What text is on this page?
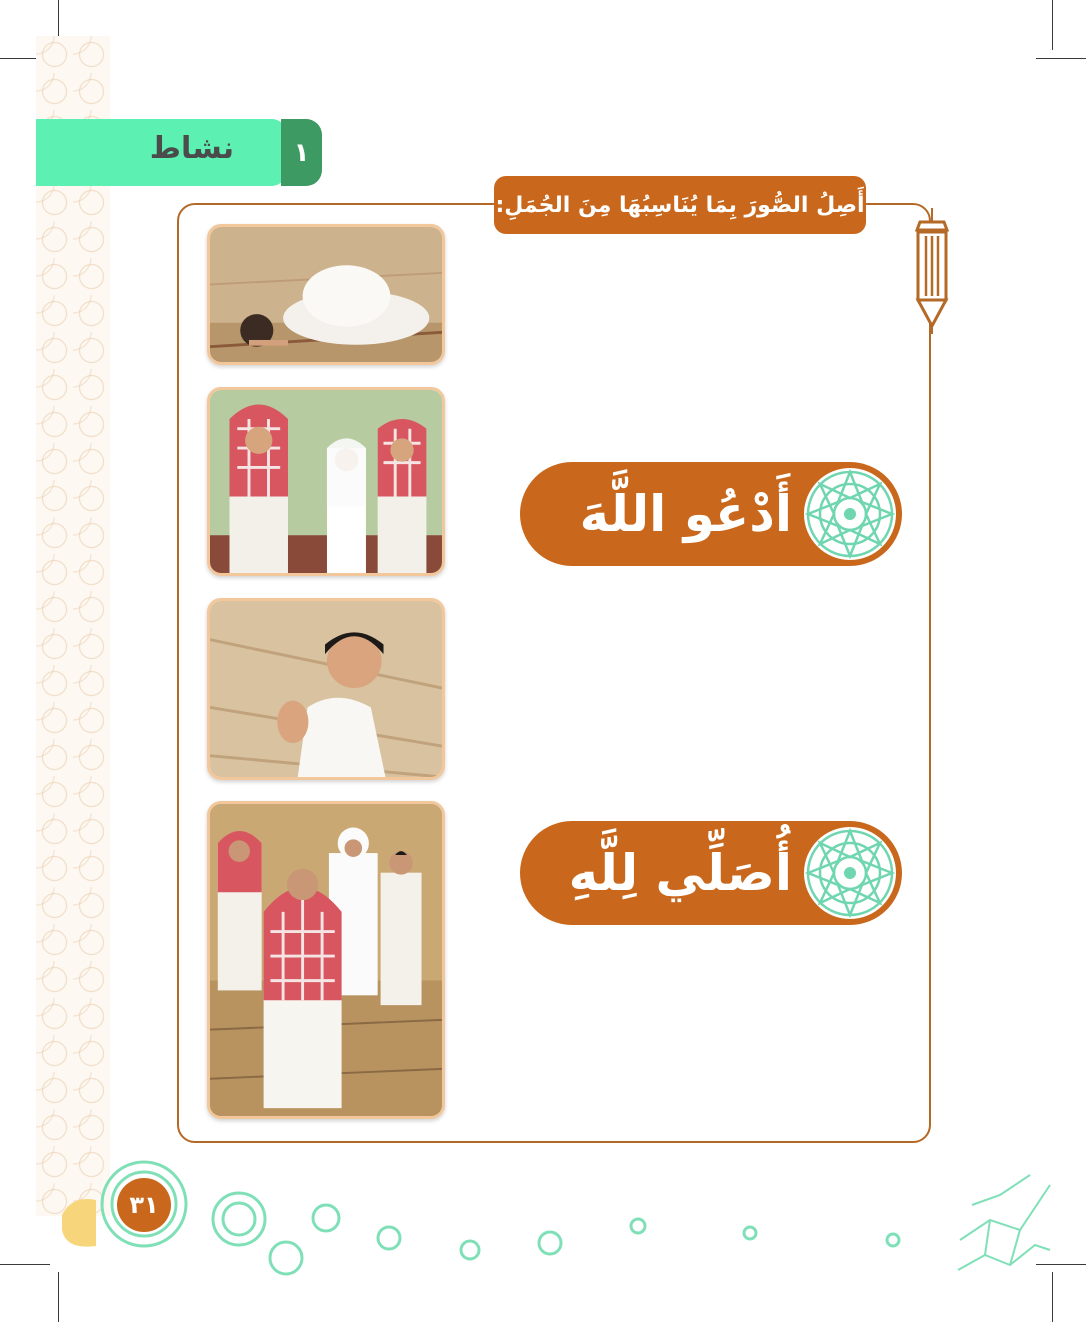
نشاط	١
أَصِلُ الصُّورَ بِمَا يُنَاسِبُهَا مِنَ الجُمَلِ:
أَدْعُو اللَّهَ
أُصَلِّي لِلَّهِ
٣١
